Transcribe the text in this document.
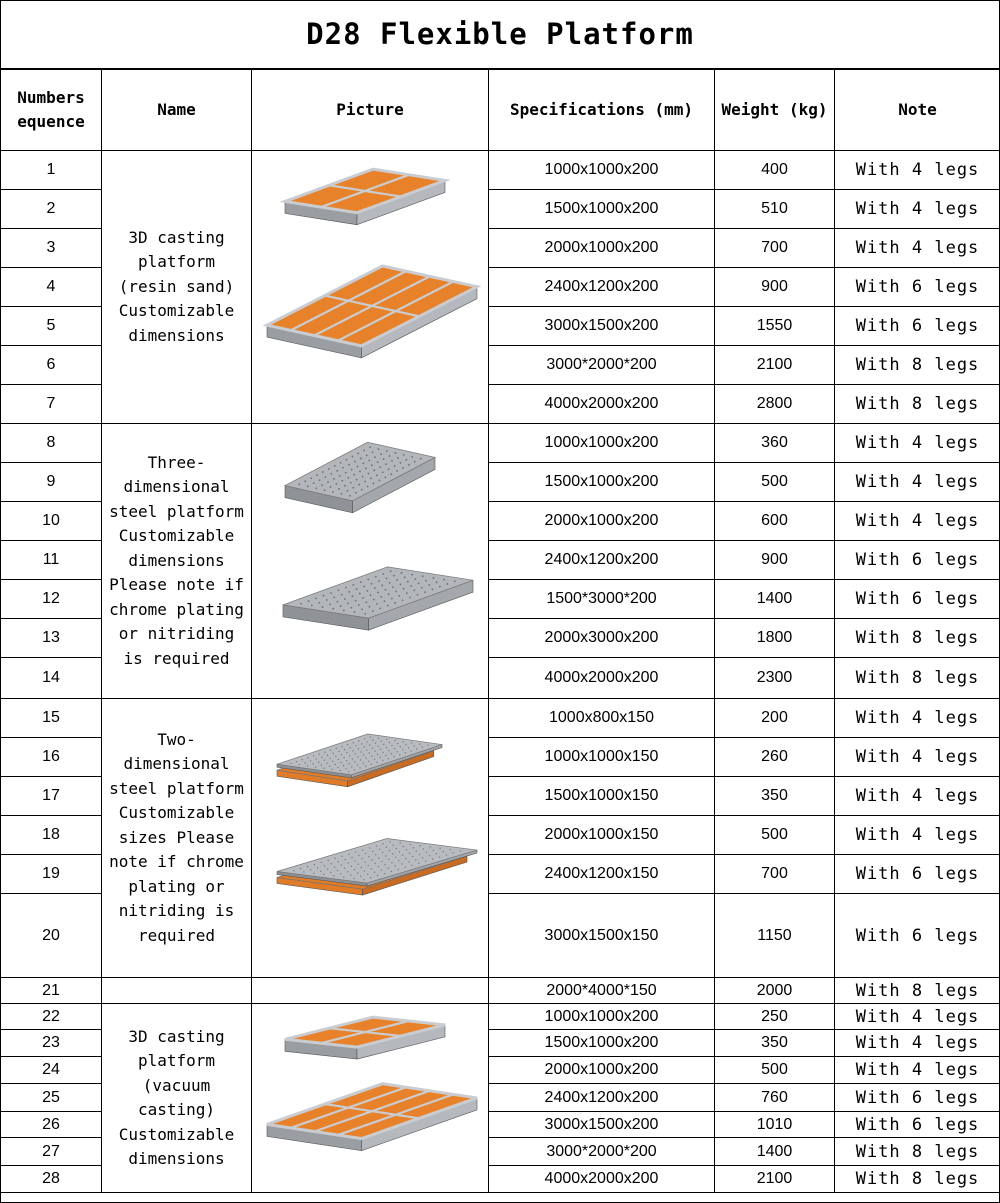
D28 Flexible Platform
Numbers equence	Name	Picture	Specifications (mm)	Weight (kg)	Note
1	3D casting platform (resin sand) Customizable dimensions		1000x1000x200	400	With 4 legs
2			1500x1000x200	510	With 4 legs
3			2000x1000x200	700	With 4 legs
4			2400x1200x200	900	With 6 legs
5			3000x1500x200	1550	With 6 legs
6			3000*2000*200	2100	With 8 legs
7			4000x2000x200	2800	With 8 legs
8	Three-dimensional steel platform Customizable dimensions Please note if chrome plating or nitriding is required		1000x1000x200	360	With 4 legs
9			1500x1000x200	500	With 4 legs
10			2000x1000x200	600	With 4 legs
11			2400x1200x200	900	With 6 legs
12			1500*3000*200	1400	With 6 legs
13			2000x3000x200	1800	With 8 legs
14			4000x2000x200	2300	With 8 legs
15	Two-dimensional steel platform Customizable sizes Please note if chrome plating or nitriding is required		1000x800x150	200	With 4 legs
16			1000x1000x150	260	With 4 legs
17			1500x1000x150	350	With 4 legs
18			2000x1000x150	500	With 4 legs
19			2400x1200x150	700	With 6 legs
20			3000x1500x150	1150	With 6 legs
21			2000*4000*150	2000	With 8 legs
22	3D casting platform (vacuum casting) Customizable dimensions		1000x1000x200	250	With 4 legs
23			1500x1000x200	350	With 4 legs
24			2000x1000x200	500	With 4 legs
25			2400x1200x200	760	With 6 legs
26			3000x1500x200	1010	With 6 legs
27			3000*2000*200	1400	With 8 legs
28			4000x2000x200	2100	With 8 legs
